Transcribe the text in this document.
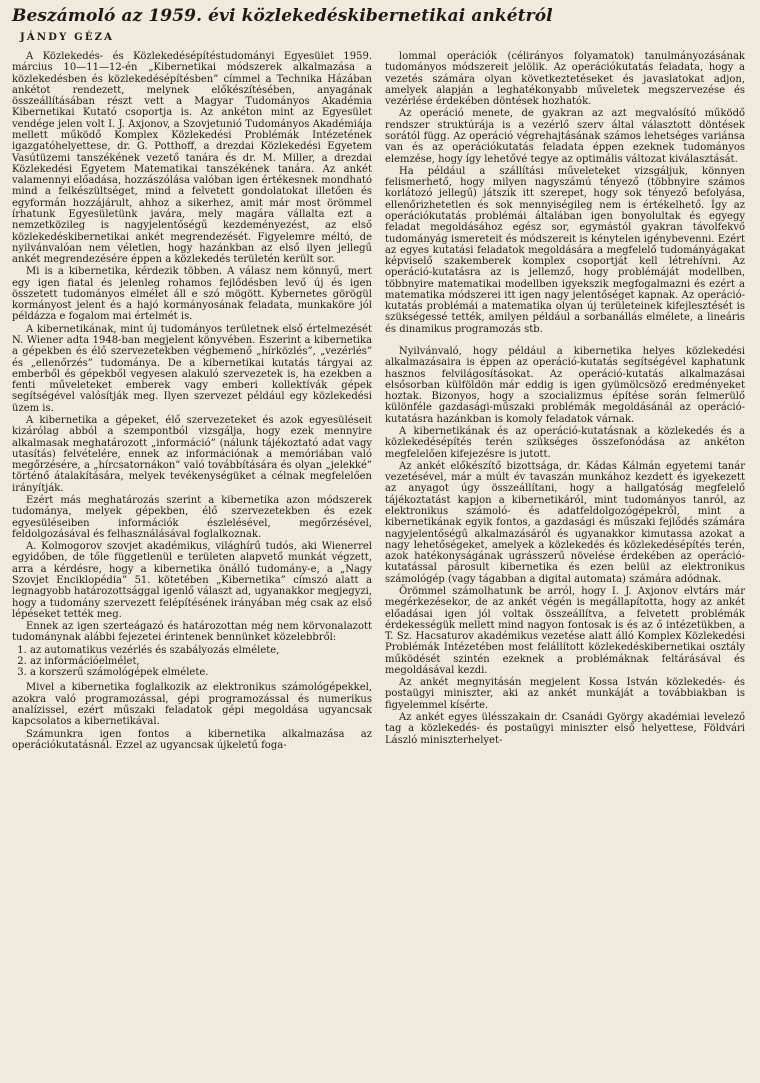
Beszámoló az 1959. évi közlekedéskibernetikai ankétról
JÁNDY GÉZA

A Közlekedés- és Közlekedésépítéstudományi Egyesület 1959. március 10—11—12-én „Kibernetikai módszerek alkalmazása a közlekedésben és közlekedésépítésben” címmel a Technika Házában ankétot rendezett, melynek előkészítésében, anyagának összeállításában részt vett a Magyar Tudományos Akadémia Kibernetikai Kutató csoportja is. Az ankéton mint az Egyesület vendége jelen volt I. J. Axjonov, a Szovjetunió Tudományos Akadémiája mellett működő Komplex Közlekedési Problémák Intézetének igazgatóhelyettese, dr. G. Potthoff, a drezdai Közlekedési Egyetem Vasútüzemi tanszékének vezető tanára és dr. M. Miller, a drezdai Közlekedési Egyetem Matematikai tanszékének tanára. Az ankét valamennyi előadása, hozzászólása valóban igen értékesnek mondható mind a felkészültséget, mind a felvetett gondolatokat illetően és egyformán hozzájárult, ahhoz a sikerhez, amit már most örömmel írhatunk Egyesületünk javára, mely magára vállalta ezt a nemzetközileg is nagyjelentőségű kezdeményezést, az első közlekedéskibernetikai ankét megrendezését. Figyelemre méltó, de nyilvánvalóan nem véletlen, hogy hazánkban az első ilyen jellegű ankét megrendezésére éppen a közlekedés területén került sor.

Mi is a kibernetika, kérdezik többen. A válasz nem könnyű, mert egy igen fiatal és jelenleg rohamos fejlődésben levő új és igen összetett tudományos elmélet áll e szó mögött. Kybernetes görögül kormányost jelent és a hajó kormányosának feladata, munkaköre jól példázza e fogalom mai értelmét is.

A kibernetikának, mint új tudományos területnek első értelmezését N. Wiener adta 1948-ban megjelent könyvében. Eszerint a kibernetika a gépekben és élő szervezetekben végbemenő „hírközlés”, „vezérlés” és „ellenőrzés” tudománya. De a kibernetikai kutatás tárgyai az emberből és gépekből vegyesen alakuló szervezetek is, ha ezekben a fenti műveleteket emberek vagy emberi kollektívák gépek segítségével valósítják meg. Ilyen szervezet például egy közlekedési üzem is.

A kibernetika a gépeket, élő szervezeteket és azok egyesüléseit kizárólag abból a szempontból vizsgálja, hogy ezek mennyire alkalmasak meghatározott „információ” (nálunk tájékoztató adat vagy utasítás) felvételére, ennek az információnak a memóriában való megőrzésére, a „hírcsatornákon” való továbbítására és olyan „jelekké” történő átalakítására, melyek tevékenységüket a célnak megfelelően irányítják.

Ezért más meghatározás szerint a kibernetika azon módszerek tudománya, melyek gépekben, élő szervezetekben és ezek egyesüléseiben információk észlelésével, megőrzésével, feldolgozásával és felhasználásával foglalkoznak.

A. Kolmogorov szovjet akadémikus, világhírű tudós, aki Wienerrel egyidőben, de tőle függetlenül e területen alapvető munkát végzett, arra a kérdésre, hogy a kibernetika önálló tudomány-e, a „Nagy Szovjet Enciklopédia” 51. kötetében „Kibernetika” címszó alatt a legnagyobb határozottsággal igenlő választ ad, ugyanakkor megjegyzi, hogy a tudomány szervezett felépítésének irányában még csak az első lépéseket tették meg.

Ennek az igen szerteágazó és határozottan még nem körvonalazott tudománynak alábbi fejezetei érintenek bennünket közelebbről:

1. az automatikus vezérlés és szabályozás elmélete,
2. az információelmélet,
3. a korszerű számológépek elmélete.

Mivel a kibernetika foglalkozik az elektronikus számológépekkel, azokra való programozással, gépi programozással és numerikus analízissel, ezért műszaki feladatok gépi megoldása ugyancsak kapcsolatos a kibernetikával.

Számunkra igen fontos a kibernetika alkalmazása az operációkutatásnál. Ezzel az ugyancsak újkeletű foga-

lommal operációk (célirányos folyamatok) tanulmányozásának tudományos módszereit jelölik. Az operációkutatás feladata, hogy a vezetés számára olyan következtetéseket és javaslatokat adjon, amelyek alapján a leghatékonyabb műveletek megszervezése és vezérlése érdekében döntések hozhatók.

Az operáció menete, de gyakran az azt megvalósító működő rendszer struktúrája is a vezérlő szerv által választott döntések sorától függ. Az operáció végrehajtásának számos lehetséges variánsa van és az operációkutatás feladata éppen ezeknek tudományos elemzése, hogy így lehetővé tegye az optimális változat kiválasztását.

Ha például a szállítási műveleteket vizsgáljuk, könnyen felismerhető, hogy milyen nagyszámú tényező (többnyire számos korlátozó jellegű) játszik itt szerepet, hogy sok tényező befolyása, ellenőrizhetetlen és sok mennyiségileg nem is értékelhető. Így az operációkutatás problémái általában igen bonyolultak és egyegy feladat megoldásához egész sor, egymástól gyakran távolfekvő tudományág ismereteit és módszereit is kénytelen igénybevenni. Ezért az egyes kutatási feladatok megoldására a megfelelő tudományágakat képviselő szakemberek komplex csoportját kell létrehívni. Az operáció-kutatásra az is jellemző, hogy problémáját modellben, többnyire matematikai modellben igyekszik megfogalmazni és ezért a matematika módszerei itt igen nagy jelentőséget kapnak. Az operáció-kutatás problémái a matematika olyan új területeinek kifejlesztését is szükségessé tették, amilyen például a sorbanállás elmélete, a lineáris és dinamikus programozás stb.

Nyilvánvaló, hogy például a kibernetika helyes közlekedési alkalmazásaira is éppen az operáció-kutatás segítségével kaphatunk hasznos felvilágosításokat. Az operáció-kutatás alkalmazásai elsősorban külföldön már eddig is igen gyümölcsöző eredményeket hoztak. Bizonyos, hogy a szocializmus építése során felmerülő különféle gazdasági-műszaki problémák megoldásánál az operáció-kutatásra hazánkban is komoly feladatok várnak.

A kibernetikának és az operáció-kutatásnak a közlekedés és a közlekedésépítés terén szükséges összefonódása az ankéton megfelelően kifejezésre is jutott.

Az ankét előkészítő bizottsága, dr. Kádas Kálmán egyetemi tanár vezetésével, már a múlt év tavaszán munkához kezdett és igyekezett az anyagot úgy összeállítani, hogy a hallgatóság megfelelő tájékoztatást kapjon a kibernetikáról, mint tudományos tanról, az elektronikus számoló- és adatfeldolgozógépekről, mint a kibernetikának egyik fontos, a gazdasági és műszaki fejlődés számára nagyjelentőségű alkalmazásáról és ugyanakkor kimutassa azokat a nagy lehetőségeket, amelyek a közlekedés és közlekedésépítés terén, azok hatékonyságának ugrásszerű növelése érdekében az operáció-kutatással párosult kibernetika és ezen belül az elektronikus számológép (vagy tágabban a digital automata) számára adódnak.

Örömmel számolhatunk be arról, hogy I. J. Axjonov elvtárs már megérkezésekor, de az ankét végén is megállapította, hogy az ankét előadásai igen jól voltak összeállítva, a felvetett problémák érdekességük mellett mind nagyon fontosak is és az ő intézetükben, a T. Sz. Hacsaturov akadémikus vezetése alatt álló Komplex Közlekedési Problémák Intézetében most felállított közlekedéskibernetikai osztály működését szintén ezeknek a problémáknak feltárásával és megoldásával kezdi.

Az ankét megnyitásán megjelent Kossa István közlekedés- és postaügyi miniszter, aki az ankét munkáját a továbbiakban is figyelemmel kísérte.

Az ankét egyes ülésszakain dr. Csanádi György akadémiai levelező tag a közlekedés- és postaügyi miniszter első helyettese, Földvári László miniszterhelyet-
